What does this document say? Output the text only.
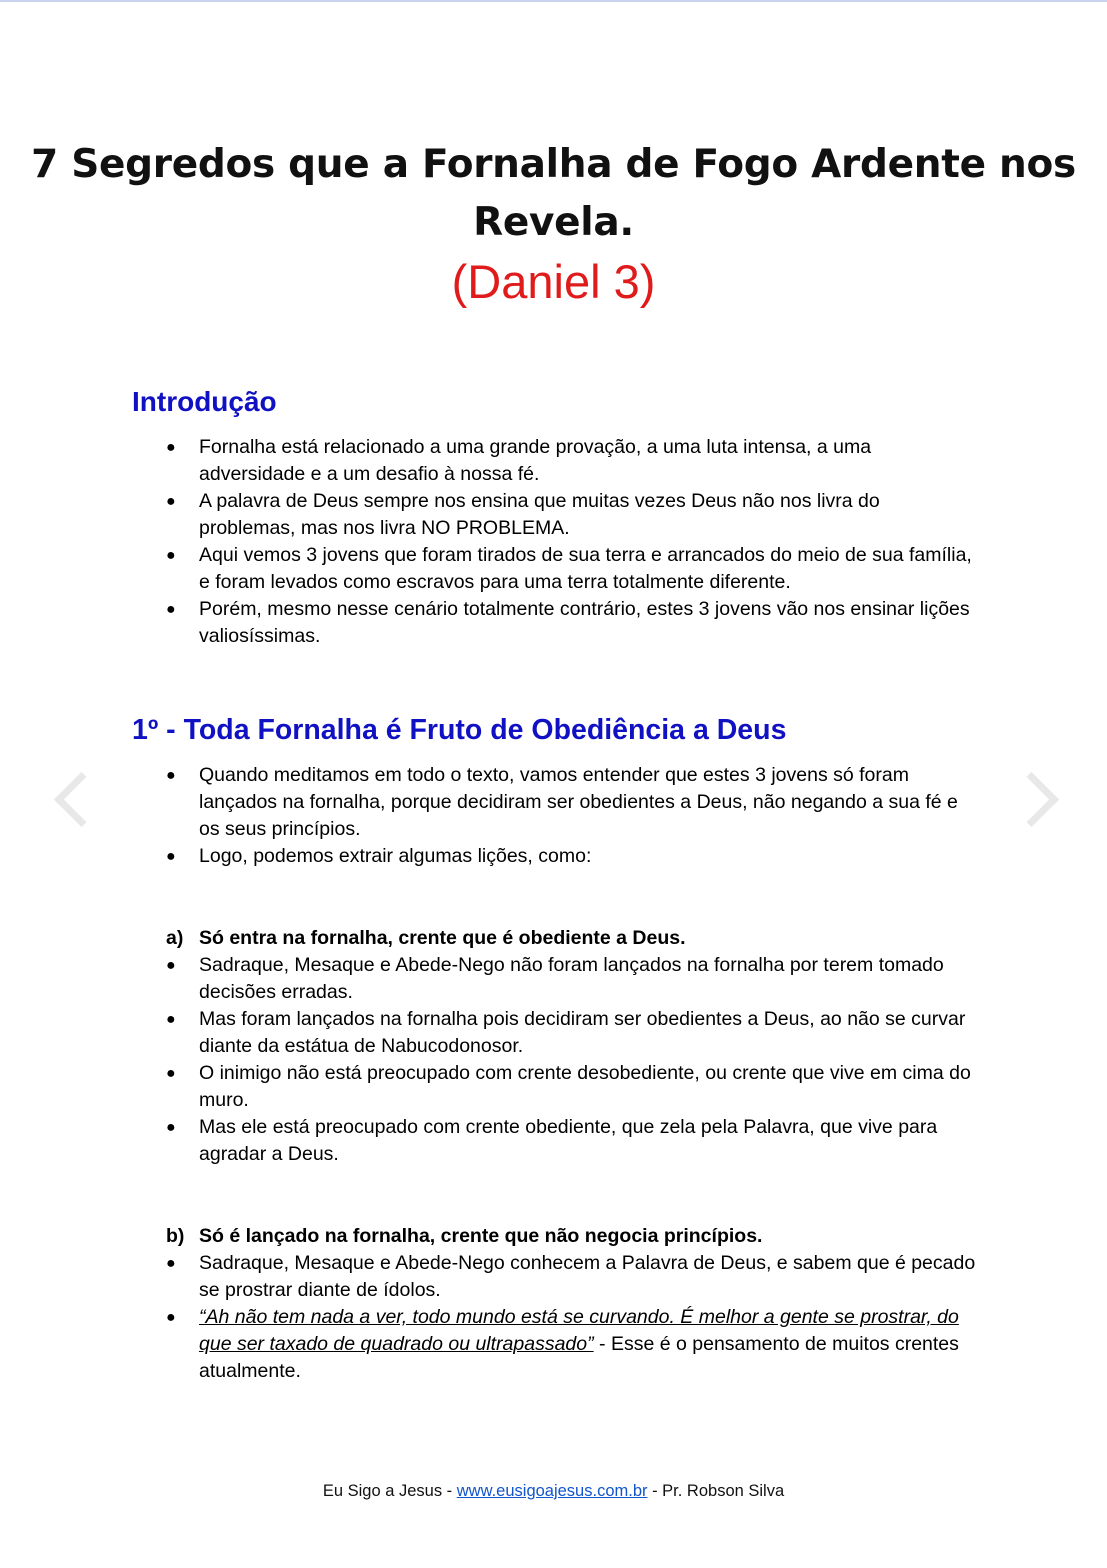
7 Segredos que a Fornalha de Fogo Ardente nos Revela.
(Daniel 3)
Introdução
● Fornalha está relacionado a uma grande provação, a uma luta intensa, a uma adversidade e a um desafio à nossa fé.
● A palavra de Deus sempre nos ensina que muitas vezes Deus não nos livra do problemas, mas nos livra NO PROBLEMA.
● Aqui vemos 3 jovens que foram tirados de sua terra e arrancados do meio de sua família, e foram levados como escravos para uma terra totalmente diferente.
● Porém, mesmo nesse cenário totalmente contrário, estes 3 jovens vão nos ensinar lições valiosíssimas.
1º - Toda Fornalha é Fruto de Obediência a Deus
● Quando meditamos em todo o texto, vamos entender que estes 3 jovens só foram lançados na fornalha, porque decidiram ser obedientes a Deus, não negando a sua fé e os seus princípios.
● Logo, podemos extrair algumas lições, como:
a) Só entra na fornalha, crente que é obediente a Deus.
● Sadraque, Mesaque e Abede-Nego não foram lançados na fornalha por terem tomado decisões erradas.
● Mas foram lançados na fornalha pois decidiram ser obedientes a Deus, ao não se curvar diante da estátua de Nabucodonosor.
● O inimigo não está preocupado com crente desobediente, ou crente que vive em cima do muro.
● Mas ele está preocupado com crente obediente, que zela pela Palavra, que vive para agradar a Deus.
b) Só é lançado na fornalha, crente que não negocia princípios.
● Sadraque, Mesaque e Abede-Nego conhecem a Palavra de Deus, e sabem que é pecado se prostrar diante de ídolos.
● “Ah não tem nada a ver, todo mundo está se curvando. É melhor a gente se prostrar, do que ser taxado de quadrado ou ultrapassado” - Esse é o pensamento de muitos crentes atualmente.
Eu Sigo a Jesus - www.eusigoajesus.com.br - Pr. Robson Silva
